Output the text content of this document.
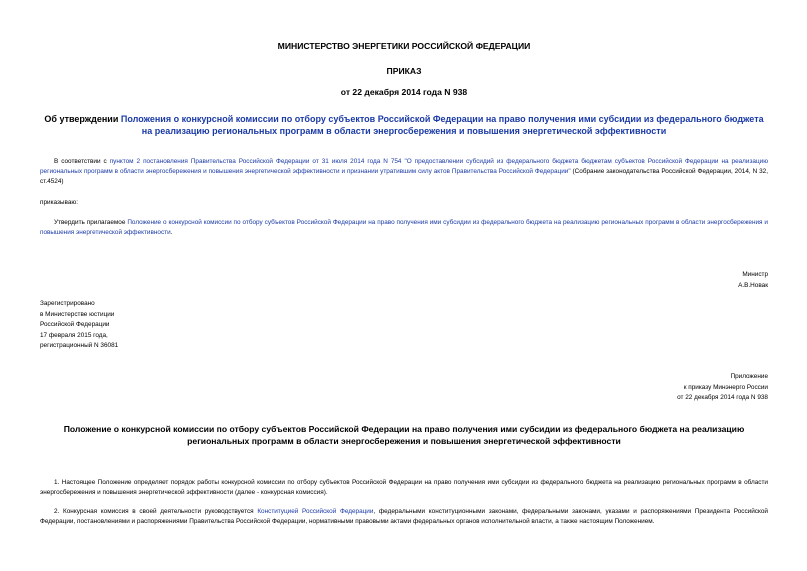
МИНИСТЕРСТВО ЭНЕРГЕТИКИ РОССИЙСКОЙ ФЕДЕРАЦИИ
ПРИКАЗ
от 22 декабря 2014 года N 938
Об утверждении Положения о конкурсной комиссии по отбору субъектов Российской Федерации на право получения ими субсидии из федерального бюджета на реализацию региональных программ в области энергосбережения и повышения энергетической эффективности
В соответствии с пунктом 2 постановления Правительства Российской Федерации от 31 июля 2014 года N 754 "О предоставлении субсидий из федерального бюджета бюджетам субъектов Российской Федерации на реализацию региональных программ в области энергосбережения и повышения энергетической эффективности и признании утратившим силу актов Правительства Российской Федерации" (Собрание законодательства Российской Федерации, 2014, N 32, ст.4524)
приказываю:
Утвердить прилагаемое Положение о конкурсной комиссии по отбору субъектов Российской Федерации на право получения ими субсидии из федерального бюджета на реализацию региональных программ в области энергосбережения и повышения энергетической эффективности.
Министр
А.В.Новак
Зарегистрировано
в Министерстве юстиции
Российской Федерации
17 февраля 2015 года,
регистрационный N 36081
Приложение
к приказу Минэнерго России
от 22 декабря 2014 года N 938
Положение о конкурсной комиссии по отбору субъектов Российской Федерации на право получения ими субсидии из федерального бюджета на реализацию региональных программ в области энергосбережения и повышения энергетической эффективности
1. Настоящее Положение определяет порядок работы конкурсной комиссии по отбору субъектов Российской Федерации на право получения ими субсидии из федерального бюджета на реализацию региональных программ в области энергосбережения и повышения энергетической эффективности (далее - конкурсная комиссия).
2. Конкурсная комиссия в своей деятельности руководствуется Конституцией Российской Федерации, федеральными конституционными законами, федеральными законами, указами и распоряжениями Президента Российской Федерации, постановлениями и распоряжениями Правительства Российской Федерации, нормативными правовыми актами федеральных органов исполнительной власти, а также настоящим Положением.
